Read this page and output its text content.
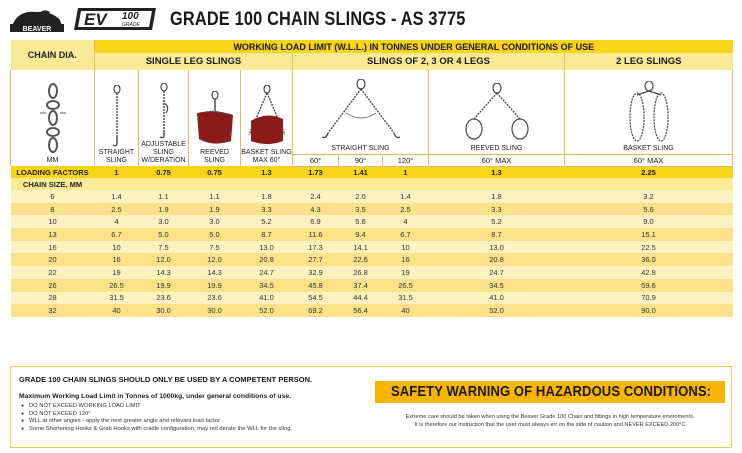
BEAVER
EV 100
GRADE GRADE 100 CHAIN SLINGS - AS 3775
CHAIN DIA.	WORKING LOAD LIMIT (W.L.L.) IN TONNES UNDER GENERAL CONDITIONS OF USE								
	SINGLE LEG SLINGS				SLINGS OF 2, 3 OR 4 LEGS				2 LEG SLINGS

MM	STRAIGHT SLING	ADJUSTABLE SLING W/DERATION	REEVED SLING	BASKET SLING MAX 60°	STRAIGHT SLING			REEVED SLING	BASKET SLING

					60°	90°	120°	60° MAX	60° MAX
LOADING FACTORS	1	0.75	0.75	1.3	1.73	1.41	1	1.3	2.25
CHAIN SIZE, MM									
6	1.4	1.1	1.1	1.8	2.4	2.0	1.4	1.8	3.2
8	2.5	1.9	1.9	3.3	4.3	3.5	2.5	3.3	5.6
10	4	3.0	3.0	5.2	6.9	5.6	4	5.2	9.0
13	6.7	5.0	5.0	8.7	11.6	9.4	6.7	8.7	15.1
16	10	7.5	7.5	13.0	17.3	14.1	10	13.0	22.5
20	16	12.0	12.0	20.8	27.7	22.6	16	20.8	36.0
22	19	14.3	14.3	24.7	32.9	26.8	19	24.7	42.8
26	26.5	19.9	19.9	34.5	45.8	37.4	26.5	34.5	59.6
28	31.5	23.6	23.6	41.0	54.5	44.4	31.5	41.0	70.9
32	40	30.0	30.0	52.0	69.2	56.4	40	52.0	90.0
GRADE 100 CHAIN SLINGS SHOULD ONLY BE USED BY A COMPETENT PERSON.
Maximum Working Load Limit in Tonnes of 1000kg, under general conditions of use.
● DO NOT EXCEED WORKING LOAD LIMIT
● DO NOT EXCEED 120°
● WLL at other angles - apply the next greater angle and relevant load factor
● Some Shortening Hooks & Grab Hooks with cradle configuration, may not derate the WLL for the sling.
SAFETY WARNING OF HAZARDOUS CONDITIONS:
Extreme care should be taken when using the Beaver Grade 100 Chain and fittings in high temperature enviroments.
It is therefore our instruction that the user must always err on the side of caution and NEVER EXCEED 200°C
